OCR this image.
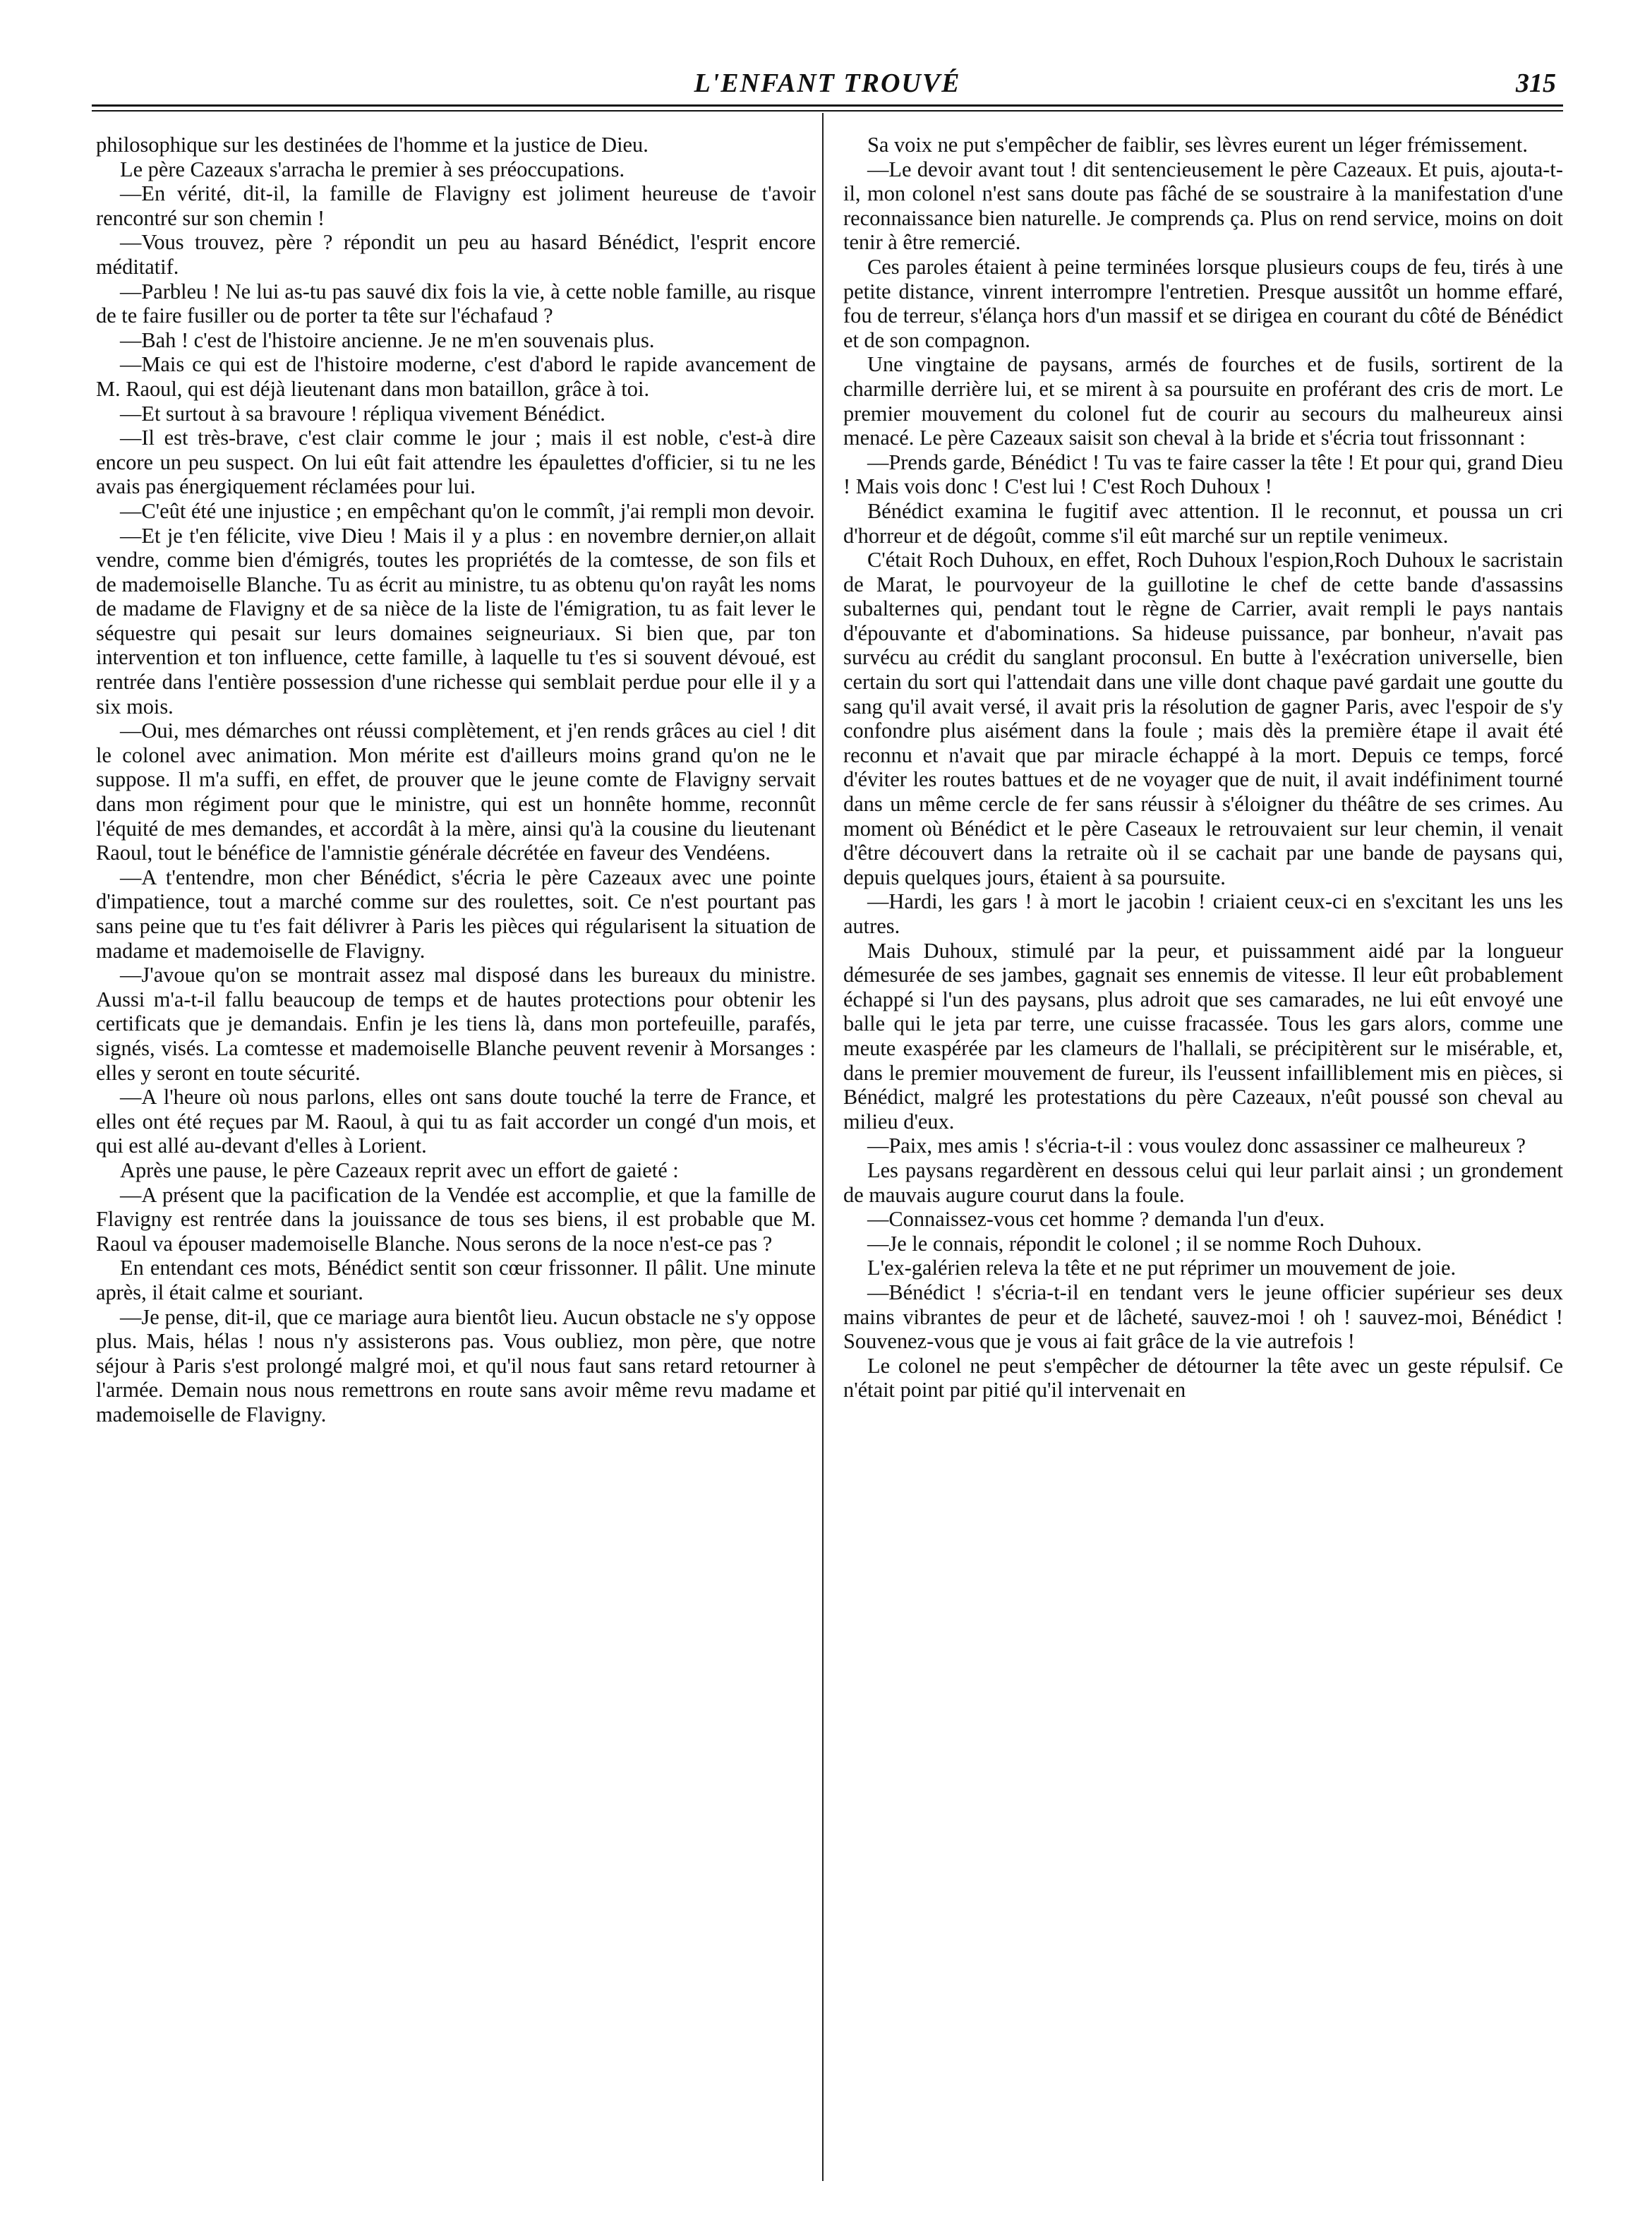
L'ENFANT TROUVÉ	315

philosophique sur les destinées de l'homme et la justice de Dieu.

Le père Cazeaux s'arracha le premier à ses préoccupations.

—En vérité, dit-il, la famille de Flavigny est joliment heureuse de t'avoir rencontré sur son chemin !

—Vous trouvez, père ? répondit un peu au hasard Bénédict, l'esprit encore méditatif.

—Parbleu ! Ne lui as-tu pas sauvé dix fois la vie, à cette noble famille, au risque de te faire fusiller ou de porter ta tête sur l'échafaud ?

—Bah ! c'est de l'histoire ancienne. Je ne m'en souvenais plus.

—Mais ce qui est de l'histoire moderne, c'est d'abord le rapide avancement de M. Raoul, qui est déjà lieutenant dans mon bataillon, grâce à toi.

—Et surtout à sa bravoure ! répliqua vivement Bénédict.

—Il est très-brave, c'est clair comme le jour ; mais il est noble, c'est-à dire encore un peu suspect. On lui eût fait attendre les épaulettes d'officier, si tu ne les avais pas énergiquement réclamées pour lui.

—C'eût été une injustice ; en empêchant qu'on le commît, j'ai rempli mon devoir.

—Et je t'en félicite, vive Dieu ! Mais il y a plus : en novembre dernier,on allait vendre, comme bien d'émigrés, toutes les propriétés de la comtesse, de son fils et de mademoiselle Blanche. Tu as écrit au ministre, tu as obtenu qu'on rayât les noms de madame de Flavigny et de sa nièce de la liste de l'émigration, tu as fait lever le séquestre qui pesait sur leurs domaines seigneuriaux. Si bien que, par ton intervention et ton influence, cette famille, à laquelle tu t'es si souvent dévoué, est rentrée dans l'entière possession d'une richesse qui semblait perdue pour elle il y a six mois.

—Oui, mes démarches ont réussi complètement, et j'en rends grâces au ciel ! dit le colonel avec animation. Mon mérite est d'ailleurs moins grand qu'on ne le suppose. Il m'a suffi, en effet, de prouver que le jeune comte de Flavigny servait dans mon régiment pour que le ministre, qui est un honnête homme, reconnût l'équité de mes demandes, et accordât à la mère, ainsi qu'à la cousine du lieutenant Raoul, tout le bénéfice de l'amnistie générale décrétée en faveur des Vendéens.

—A t'entendre, mon cher Bénédict, s'écria le père Cazeaux avec une pointe d'impatience, tout a marché comme sur des roulettes, soit. Ce n'est pourtant pas sans peine que tu t'es fait délivrer à Paris les pièces qui régularisent la situation de madame et mademoiselle de Flavigny.

—J'avoue qu'on se montrait assez mal disposé dans les bureaux du ministre. Aussi m'a-t-il fallu beaucoup de temps et de hautes protections pour obtenir les certificats que je demandais. Enfin je les tiens là, dans mon portefeuille, parafés, signés, visés. La comtesse et mademoiselle Blanche peuvent revenir à Morsanges : elles y seront en toute sécurité.

—A l'heure où nous parlons, elles ont sans doute touché la terre de France, et elles ont été reçues par M. Raoul, à qui tu as fait accorder un congé d'un mois, et qui est allé au-devant d'elles à Lorient.

Après une pause, le père Cazeaux reprit avec un effort de gaieté :

—A présent que la pacification de la Vendée est accomplie, et que la famille de Flavigny est rentrée dans la jouissance de tous ses biens, il est probable que M. Raoul va épouser mademoiselle Blanche. Nous serons de la noce n'est-ce pas ?

En entendant ces mots, Bénédict sentit son cœur frissonner. Il pâlit. Une minute après, il était calme et souriant.

—Je pense, dit-il, que ce mariage aura bientôt lieu. Aucun obstacle ne s'y oppose plus. Mais, hélas ! nous n'y assisterons pas. Vous oubliez, mon père, que notre séjour à Paris s'est prolongé malgré moi, et qu'il nous faut sans retard retourner à l'armée. Demain nous nous remettrons en route sans avoir même revu madame et mademoiselle de Flavigny.

Sa voix ne put s'empêcher de faiblir, ses lèvres eurent un léger frémissement.

—Le devoir avant tout ! dit sentencieusement le père Cazeaux. Et puis, ajouta-t-il, mon colonel n'est sans doute pas fâché de se soustraire à la manifestation d'une reconnaissance bien naturelle. Je comprends ça. Plus on rend service, moins on doit tenir à être remercié.

Ces paroles étaient à peine terminées lorsque plusieurs coups de feu, tirés à une petite distance, vinrent interrompre l'entretien. Presque aussitôt un homme effaré, fou de terreur, s'élança hors d'un massif et se dirigea en courant du côté de Bénédict et de son compagnon.

Une vingtaine de paysans, armés de fourches et de fusils, sortirent de la charmille derrière lui, et se mirent à sa poursuite en proférant des cris de mort. Le premier mouvement du colonel fut de courir au secours du malheureux ainsi menacé. Le père Cazeaux saisit son cheval à la bride et s'écria tout frissonnant :

—Prends garde, Bénédict ! Tu vas te faire casser la tête ! Et pour qui, grand Dieu ! Mais vois donc ! C'est lui ! C'est Roch Duhoux !

Bénédict examina le fugitif avec attention. Il le reconnut, et poussa un cri d'horreur et de dégoût, comme s'il eût marché sur un reptile venimeux.

C'était Roch Duhoux, en effet, Roch Duhoux l'espion,Roch Duhoux le sacristain de Marat, le pourvoyeur de la guillotine le chef de cette bande d'assassins subalternes qui, pendant tout le règne de Carrier, avait rempli le pays nantais d'épouvante et d'abominations. Sa hideuse puissance, par bonheur, n'avait pas survécu au crédit du sanglant proconsul. En butte à l'exécration universelle, bien certain du sort qui l'attendait dans une ville dont chaque pavé gardait une goutte du sang qu'il avait versé, il avait pris la résolution de gagner Paris, avec l'espoir de s'y confondre plus aisément dans la foule ; mais dès la première étape il avait été reconnu et n'avait que par miracle échappé à la mort. Depuis ce temps, forcé d'éviter les routes battues et de ne voyager que de nuit, il avait indéfiniment tourné dans un même cercle de fer sans réussir à s'éloigner du théâtre de ses crimes. Au moment où Bénédict et le père Caseaux le retrouvaient sur leur chemin, il venait d'être découvert dans la retraite où il se cachait par une bande de paysans qui, depuis quelques jours, étaient à sa poursuite.

—Hardi, les gars ! à mort le jacobin ! criaient ceux-ci en s'excitant les uns les autres.

Mais Duhoux, stimulé par la peur, et puissamment aidé par la longueur démesurée de ses jambes, gagnait ses ennemis de vitesse. Il leur eût probablement échappé si l'un des paysans, plus adroit que ses camarades, ne lui eût envoyé une balle qui le jeta par terre, une cuisse fracassée. Tous les gars alors, comme une meute exaspérée par les clameurs de l'hallali, se précipitèrent sur le misérable, et, dans le premier mouvement de fureur, ils l'eussent infailliblement mis en pièces, si Bénédict, malgré les protestations du père Cazeaux, n'eût poussé son cheval au milieu d'eux.

—Paix, mes amis ! s'écria-t-il : vous voulez donc assassiner ce malheureux ?

Les paysans regardèrent en dessous celui qui leur parlait ainsi ; un grondement de mauvais augure courut dans la foule.

—Connaissez-vous cet homme ? demanda l'un d'eux.

—Je le connais, répondit le colonel ; il se nomme Roch Duhoux.

L'ex-galérien releva la tête et ne put réprimer un mouvement de joie.

—Bénédict ! s'écria-t-il en tendant vers le jeune officier supérieur ses deux mains vibrantes de peur et de lâcheté, sauvez-moi ! oh ! sauvez-moi, Bénédict ! Souvenez-vous que je vous ai fait grâce de la vie autrefois !

Le colonel ne peut s'empêcher de détourner la tête avec un geste répulsif. Ce n'était point par pitié qu'il intervenait en
